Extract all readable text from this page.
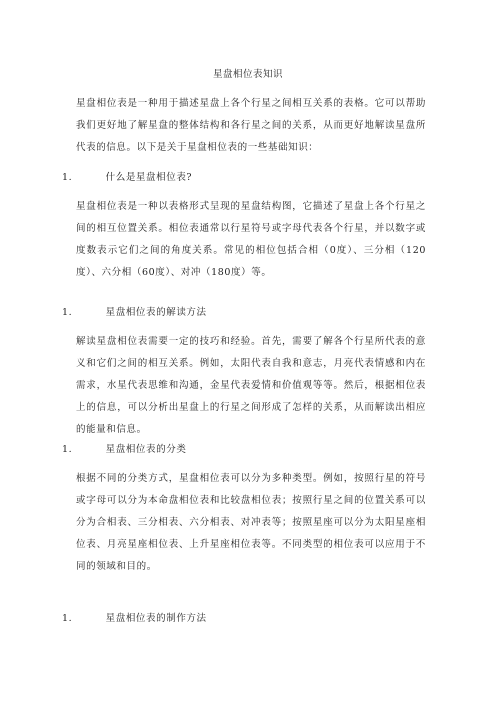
星盘相位表知识

星盘相位表是一种用于描述星盘上各个行星之间相互关系的表格。它可以帮助我们更好地了解星盘的整体结构和各行星之间的关系，从而更好地解读星盘所代表的信息。以下是关于星盘相位表的一些基础知识：

1.	什么是星盘相位表?

星盘相位表是一种以表格形式呈现的星盘结构图，它描述了星盘上各个行星之间的相互位置关系。相位表通常以行星符号或字母代表各个行星，并以数字或度数表示它们之间的角度关系。常见的相位包括合相（0度）、三分相（120度）、六分相（60度）、对冲（180度）等。

1.	星盘相位表的解读方法

解读星盘相位表需要一定的技巧和经验。首先，需要了解各个行星所代表的意义和它们之间的相互关系。例如，太阳代表自我和意志，月亮代表情感和内在需求，水星代表思维和沟通，金星代表爱情和价值观等等。然后，根据相位表上的信息，可以分析出星盘上的行星之间形成了怎样的关系，从而解读出相应的能量和信息。

1.	星盘相位表的分类

根据不同的分类方式，星盘相位表可以分为多种类型。例如，按照行星的符号或字母可以分为本命盘相位表和比较盘相位表；按照行星之间的位置关系可以分为合相表、三分相表、六分相表、对冲表等；按照星座可以分为太阳星座相位表、月亮星座相位表、上升星座相位表等。不同类型的相位表可以应用于不同的领域和目的。

1.	星盘相位表的制作方法
